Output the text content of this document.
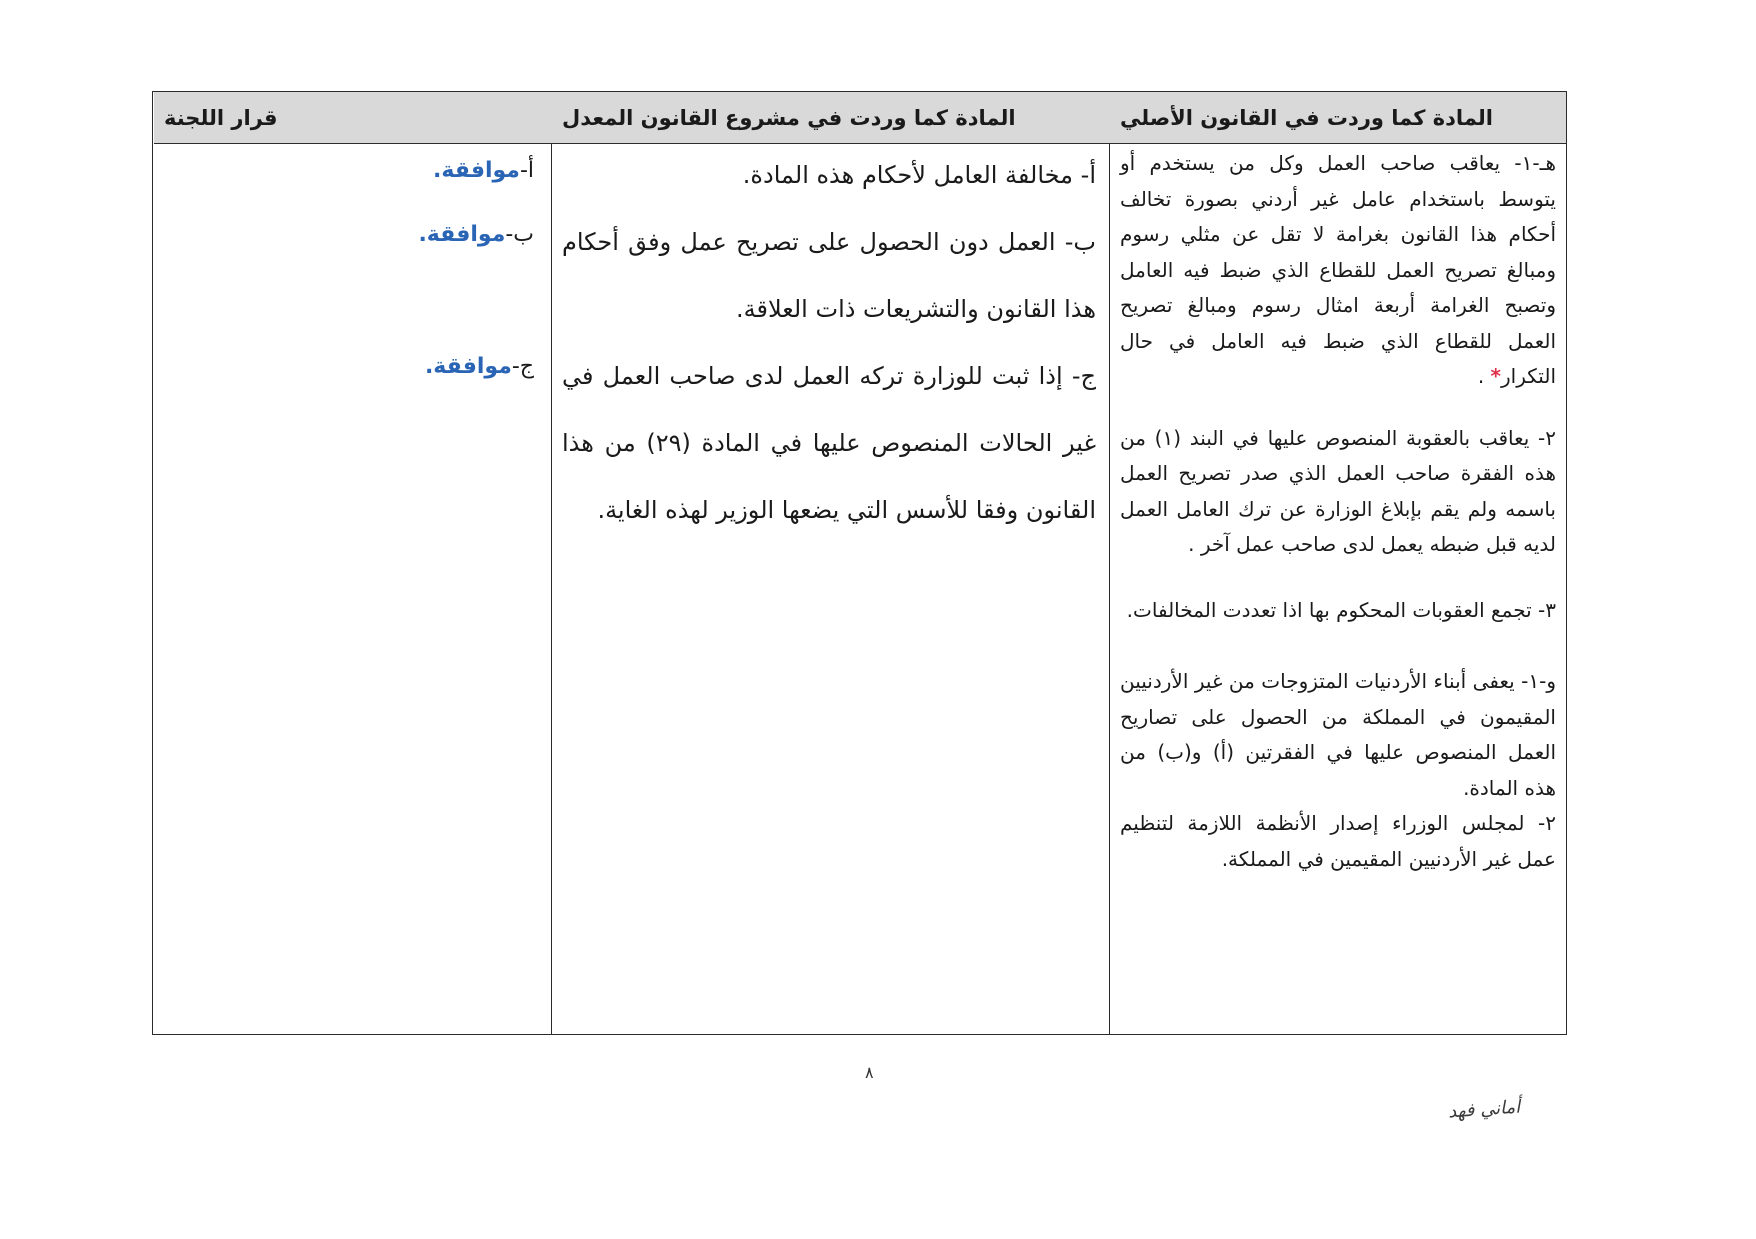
المادة كما وردت في القانون الأصلي
المادة كما وردت في مشروع القانون المعدل
قرار اللجنة

هـ-١- يعاقب صاحب العمل وكل من يستخدم أو يتوسط باستخدام عامل غير أردني بصورة تخالف أحكام هذا القانون بغرامة لا تقل عن مثلي رسوم ومبالغ تصريح العمل للقطاع الذي ضبط فيه العامل وتصبح الغرامة أربعة امثال رسوم ومبالغ تصريح العمل للقطاع الذي ضبط فيه العامل في حال التكرار* .

٢- يعاقب بالعقوبة المنصوص عليها في البند (١) من هذه الفقرة صاحب العمل الذي صدر تصريح العمل باسمه ولم يقم بإبلاغ الوزارة عن ترك العامل العمل لديه قبل ضبطه يعمل لدى صاحب عمل آخر .

٣- تجمع العقوبات المحكوم بها اذا تعددت المخالفات.

و-١- يعفى أبناء الأردنيات المتزوجات من غير الأردنيين المقيمون في المملكة من الحصول على تصاريح العمل المنصوص عليها في الفقرتين (أ) و(ب) من هذه المادة.

٢- لمجلس الوزراء إصدار الأنظمة اللازمة لتنظيم عمل غير الأردنيين المقيمين في المملكة.

أ- مخالفة العامل لأحكام هذه المادة.

ب- العمل دون الحصول على تصريح عمل وفق أحكام هذا القانون والتشريعات ذات العلاقة.

ج- إذا ثبت للوزارة تركه العمل لدى صاحب العمل في غير الحالات المنصوص عليها في المادة (٢٩) من هذا القانون وفقا للأسس التي يضعها الوزير لهذه الغاية.

أ-موافقة.
ب-موافقة.
ج-موافقة.
٨
أماني فهد
